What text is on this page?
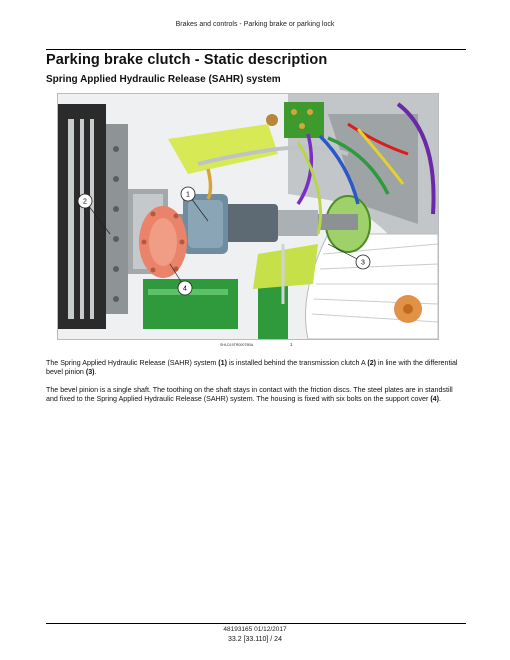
Brakes and controls - Parking brake or parking lock
Parking brake clutch - Static description
Spring Applied Hydraulic Release (SAHR) system
1
2
3
4
SHLD19TR00075BA	1
The Spring Applied Hydraulic Release (SAHR) system (1) is installed behind the transmission clutch A (2) in line with the differential bevel pinion (3).
The bevel pinion is a single shaft. The toothing on the shaft stays in contact with the friction discs. The steel plates are in standstill and fixed to the Spring Applied Hydraulic Release (SAHR) system. The housing is fixed with six bolts on the support cover (4).
48193165 01/12/2017
33.2 [33.110] / 24
